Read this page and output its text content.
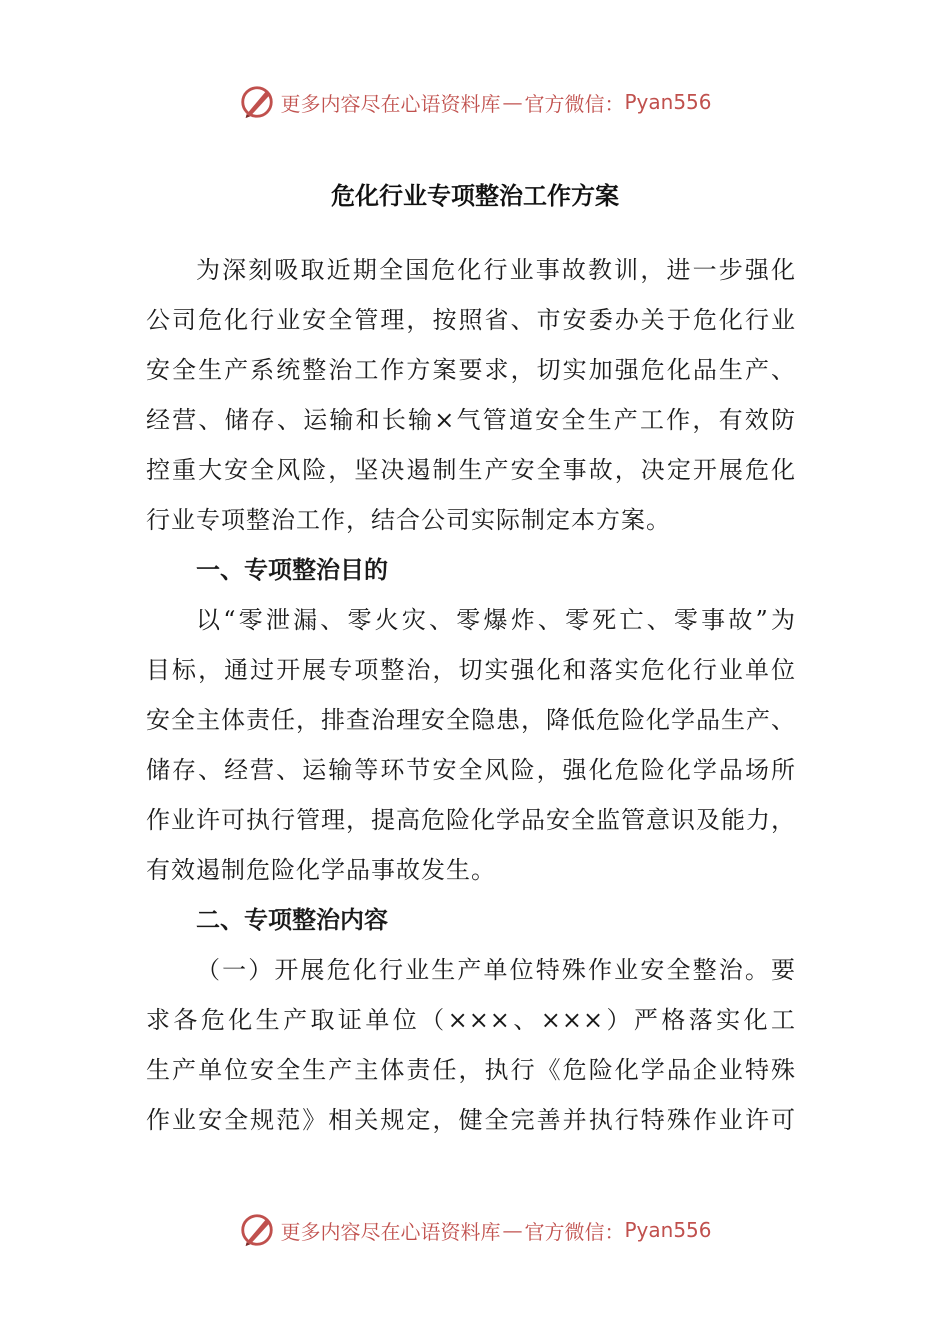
更多内容尽在心语资料库 — 官方微信： Pyan556
危化行业专项整治工作方案
为深刻吸取近期全国危化行业事故教训，进一步强化
公司危化行业安全管理，按照省、市安委办关于危化行业
安全生产系统整治工作方案要求，切实加强危化品生产、
经营、储存、运输和长输×气管道安全生产工作，有效防
控重大安全风险，坚决遏制生产安全事故，决定开展危化
行业专项整治工作，结合公司实际制定本方案。
一、专项整治目的
以“零泄漏、零火灾、零爆炸、零死亡、零事故”为
目标，通过开展专项整治，切实强化和落实危化行业单位
安全主体责任，排查治理安全隐患，降低危险化学品生产、
储存、经营、运输等环节安全风险，强化危险化学品场所
作业许可执行管理，提高危险化学品安全监管意识及能力，
有效遏制危险化学品事故发生。
二、专项整治内容
（一）开展危化行业生产单位特殊作业安全整治。要
求各危化生产取证单位（×××、×××）严格落实化工
生产单位安全生产主体责任，执行《危险化学品企业特殊
作业安全规范》相关规定，健全完善并执行特殊作业许可
更多内容尽在心语资料库 — 官方微信： Pyan556
